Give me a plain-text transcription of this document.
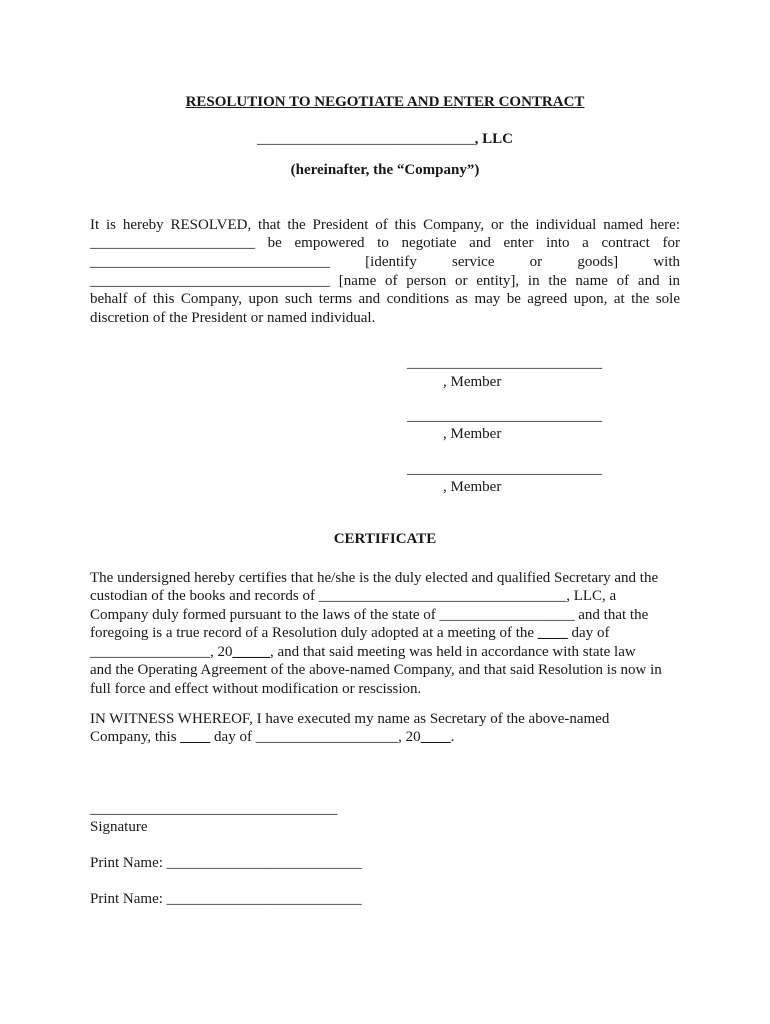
RESOLUTION TO NEGOTIATE AND ENTER CONTRACT
_____________________________, LLC
(hereinafter, the “Company”)
It is hereby RESOLVED, that the President of this Company, or the individual named here:
______________________ be empowered to negotiate and enter into a contract for
________________________________ [identify service or goods] with
________________________________ [name of person or entity], in the name of and in
behalf of this Company, upon such terms and conditions as may be agreed upon, at the sole
discretion of the President or named individual.
__________________________
, Member
__________________________
, Member
__________________________
, Member
CERTIFICATE
The undersigned hereby certifies that he/she is the duly elected and qualified Secretary and the
custodian of the books and records of _________________________________, LLC, a
Company duly formed pursuant to the laws of the state of __________________ and that the
foregoing is a true record of a Resolution duly adopted at a meeting of the ____ day of
________________, 20_____, and that said meeting was held in accordance with state law
and the Operating Agreement of the above-named Company, and that said Resolution is now in
full force and effect without modification or rescission.
IN WITNESS WHEREOF, I have executed my name as Secretary of the above-named
Company, this ____ day of ___________________, 20____.
_________________________________
Signature
Print Name: __________________________
Print Name: __________________________
